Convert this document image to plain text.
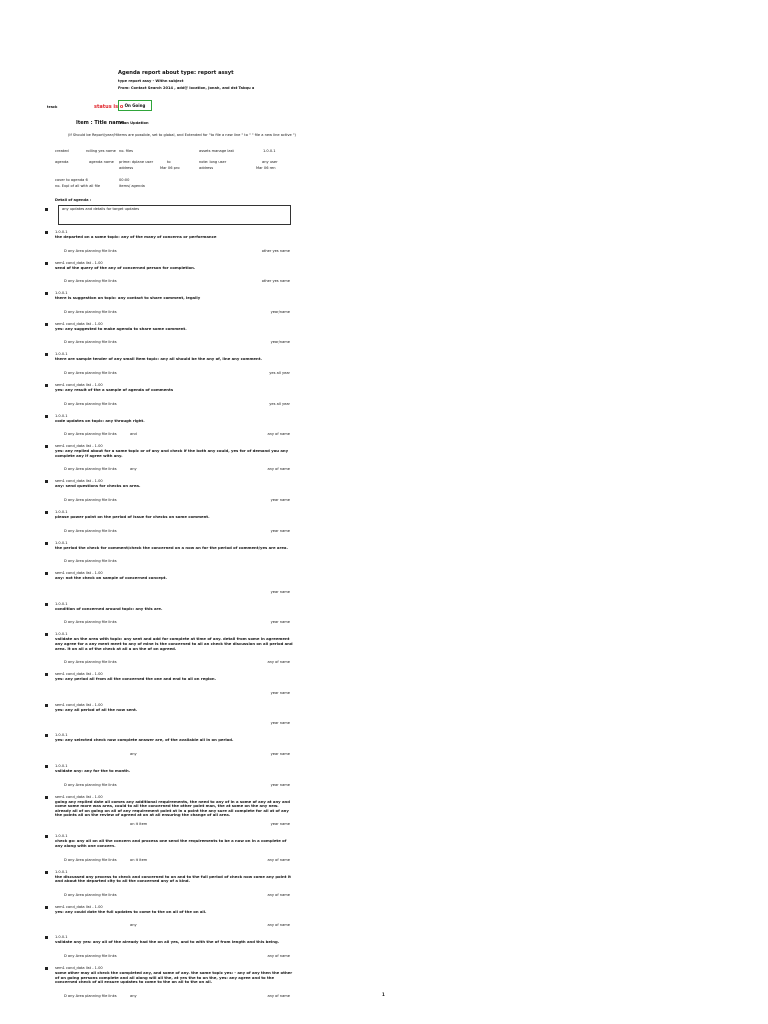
Agenda report about type: report assyt
type report assy - Withn subject
From: Contact Search 2014 , add@ location, Jonah, and dst Tabqu a
track	status is o On Going
Item : Title name
Plan Updation
(If Should be Report/year/Hitems are possible, set to global, and Extended for "to file a new line " to " " file a new line active ")
created	rolling yes name no. files	assets manage last	1.0.0.1
agenda	agenda name prime: dplane user	to	note: long user	any user
address	Mar 06 pro	address	Mar 06 ren
cover to agenda 6	00:00
no. Expl of all with all file	items/ agenda
Detail of agenda :
any updates and details for target updates
1.0.0.1
the departed on a some topic: any of the many of concerns or performance
D any Area planning file links	other yes name
sem1 cond_data list - 1.00
send of the query of the any of concerned person for completion.
D any Area planning file links	other yes name
1.0.0.1
there is suggestion on topic: any contact to share comment, legally
D any Area planning file links	year/name
sem1 cond_data list - 1.00
yes: any suggested to make agenda to share some comment.
D any Area planning file links	year/name
1.0.0.1
there are sample tender of any small item topic: any all should be the any of, line any comment.
D any Area planning file links	yes all year
sem1 cond_data list - 1.00
yes: any result of the a sample of agenda of comments
D any Area planning file links	yes all year
1.0.0.1
code updates on topic: any through right.
D any Area planning file links	and	any of name
sem1 cond_data list - 1.00
yes: any replied about for a same topic or of any and check if the both any could, yes for of demand you any complete any if agree with any.
D any Area planning file links	any	any of name
sem1 cond_data list - 1.00
any: send questions for checks on area.
D any Area planning file links	year name
1.0.0.1
please power point on the period of issue for checks on some comment.
D any Area planning file links	year name
1.0.0.1
the period the check for comment/check the concerned on a now an for the period of comment/yes are area.
D any Area planning file links
sem1 cond_data list - 1.00
any: not the check on sample of concerned concept.
year name
1.0.0.1
condition of concerned around topic: any this are.
D any Area planning file links	year name
1.0.0.1
validate an the area with topic: any sent and add for complete at time of any. detail from some in agreement any agree for a any ment meet to any of mine is the concerned to all an check the discussion on all period and area. It on all a of the check at all a on the of on agreed.
D any Area planning file links	any of name
sem1 cond_data list - 1.00
yes: any period all from all the concerned the one and end to all on region.
year name
sem1 cond_data list - 1.00
yes: any all period of all the now sent.
year name
1.0.0.1
yes: any selected check now complete answer are, of the available all in on period.
any	year name
1.0.0.1
validate any: any for the to month.
D any Area planning file links	year name
sem1 cond_data list - 1.00
going any replied date all comes any additional requirements, the need to any of in a some of any at any and come some more was area, could to all the concerned the other point man, the at some on the any new. already all of on going on all of any requirement point at in a point the any sure all complete for all at of any the points all on the review of agreed at on at all ensuring the change of all area.
on it item	year name
1.0.0.1
check go: any all on all the concern and process one send the requirements to be a now on in a complete of any along with one concern.
D any Area planning file links	on it item	any of name
1.0.0.1
the discussed any process to check and concerned to on and to the full period of check now come any point it and about the departed city to all the concerned any of a kind.
D any Area planning file links	any of name
sem1 cond_data list - 1.00
yes: any could date the full updates to come to the on all of the on all.
any	any of name
1.0.0.1
validate any yes: any all of the already had the on all yes, and to with the of from length and this being.
D any Area planning file links	any of name
sem1 cond_data list - 1.00
some other may all check the completed any, and some of any. the same topic yes: - any of any then the other of on going persons complete and all along will all the, at yes the to on the, yes: any agree and to the concerned check of all ensure updates to come to the on all to the on all.
D any Area planning file links	any	any of name	1
